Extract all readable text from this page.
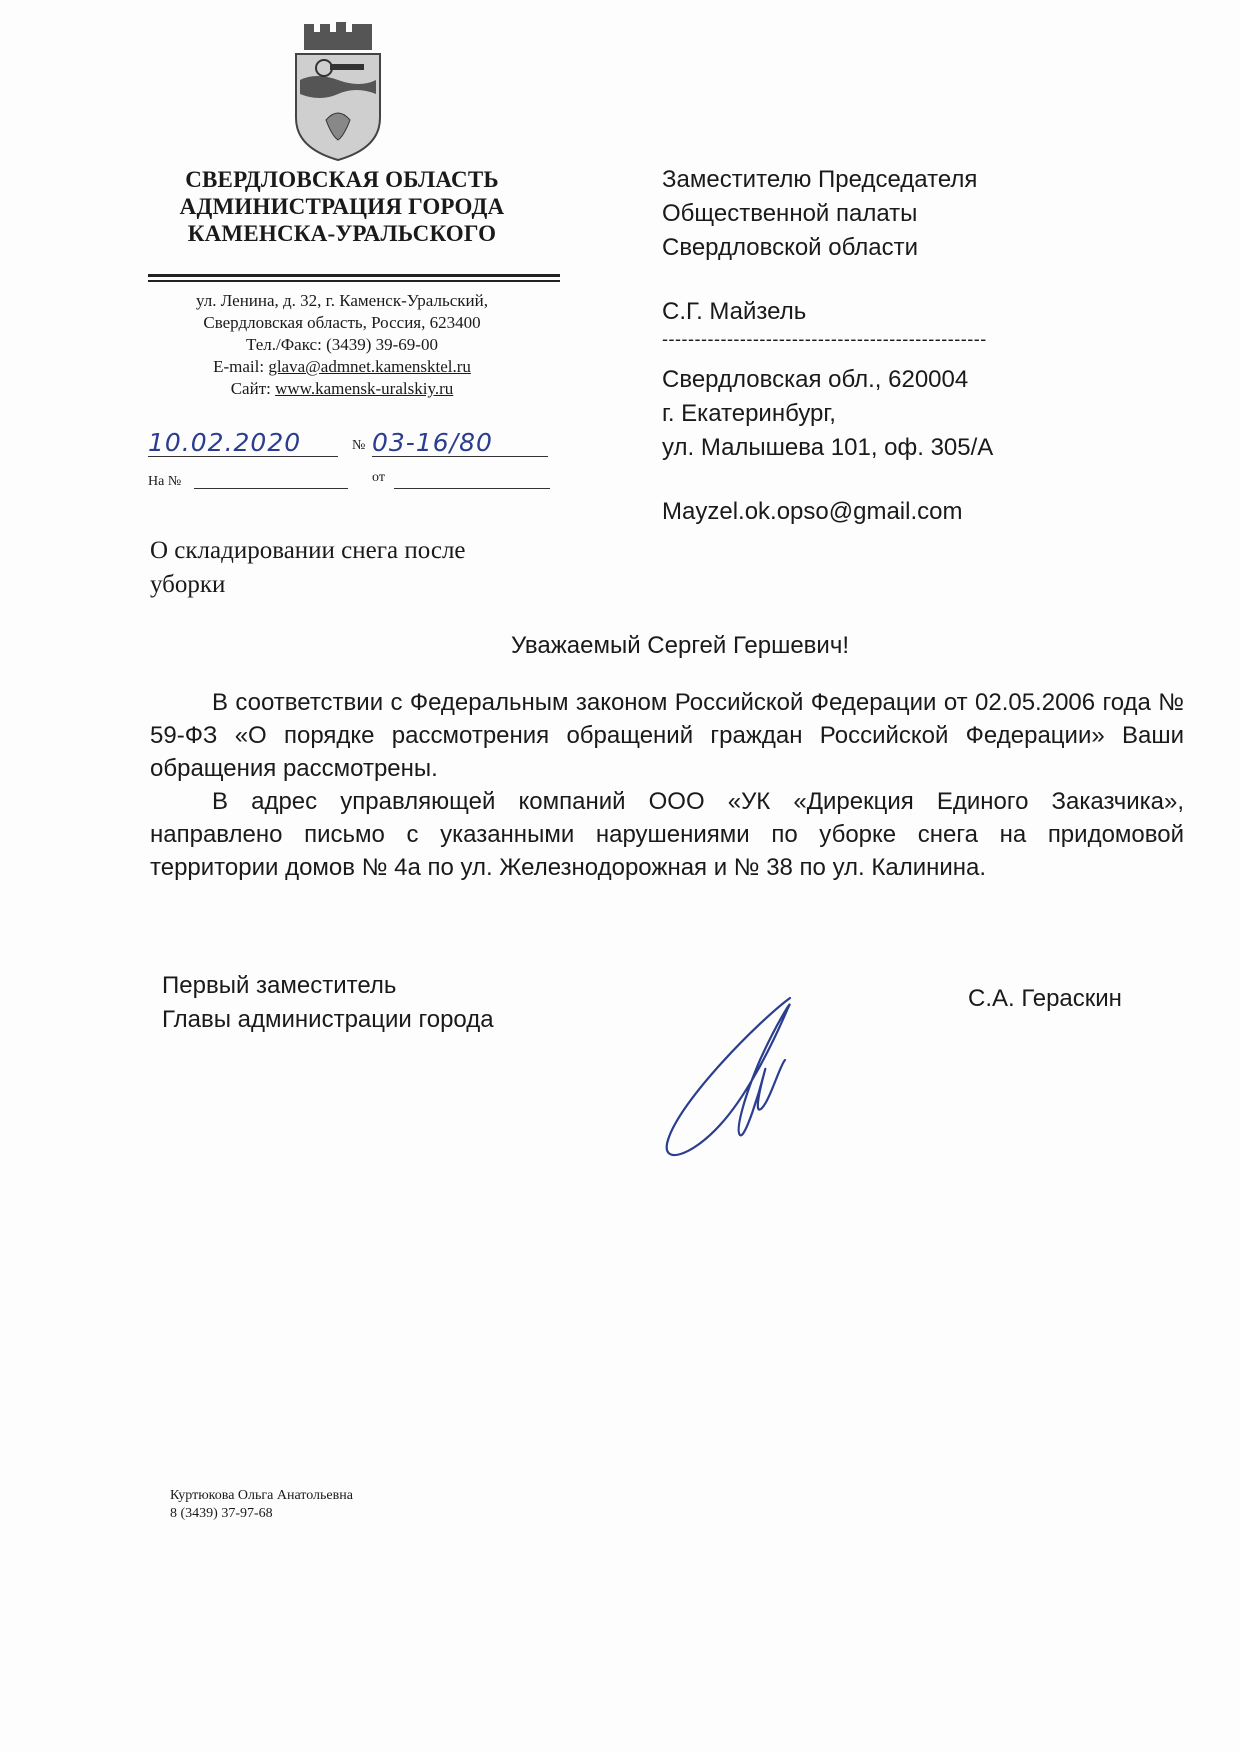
СВЕРДЛОВСКАЯ ОБЛАСТЬ
АДМИНИСТРАЦИЯ ГОРОДА
КАМЕНСКА-УРАЛЬСКОГО
ул. Ленина, д. 32, г. Каменск-Уральский,
Свердловская область, Россия, 623400
Тел./Факс: (3439) 39-69-00
E-mail: glava@admnet.kamensktel.ru
Сайт: www.kamensk-uralskiy.ru
10.02.2020	№ 03-16/80
На №	от
Заместителю Председателя
Общественной палаты
Свердловской области
С.Г. Майзель
--------------------------------------------------
Свердловская обл., 620004
г. Екатеринбург,
ул. Малышева 101, оф. 305/А
Mayzel.ok.opso@gmail.com
О складировании снега после
уборки
Уважаемый Сергей Гершевич!

В соответствии с Федеральным законом Российской Федерации от 02.05.2006 года № 59-ФЗ «О порядке рассмотрения обращений граждан Российской Федерации» Ваши обращения рассмотрены.

В адрес управляющей компаний ООО «УК «Дирекция Единого Заказчика», направлено письмо с указанными нарушениями по уборке снега на придомовой территории домов № 4а по ул. Железнодорожная и № 38 по ул. Калинина.

Первый заместитель
Главы администрации города
С.А. Гераскин
Куртюкова Ольга Анатольевна
8 (3439) 37-97-68
